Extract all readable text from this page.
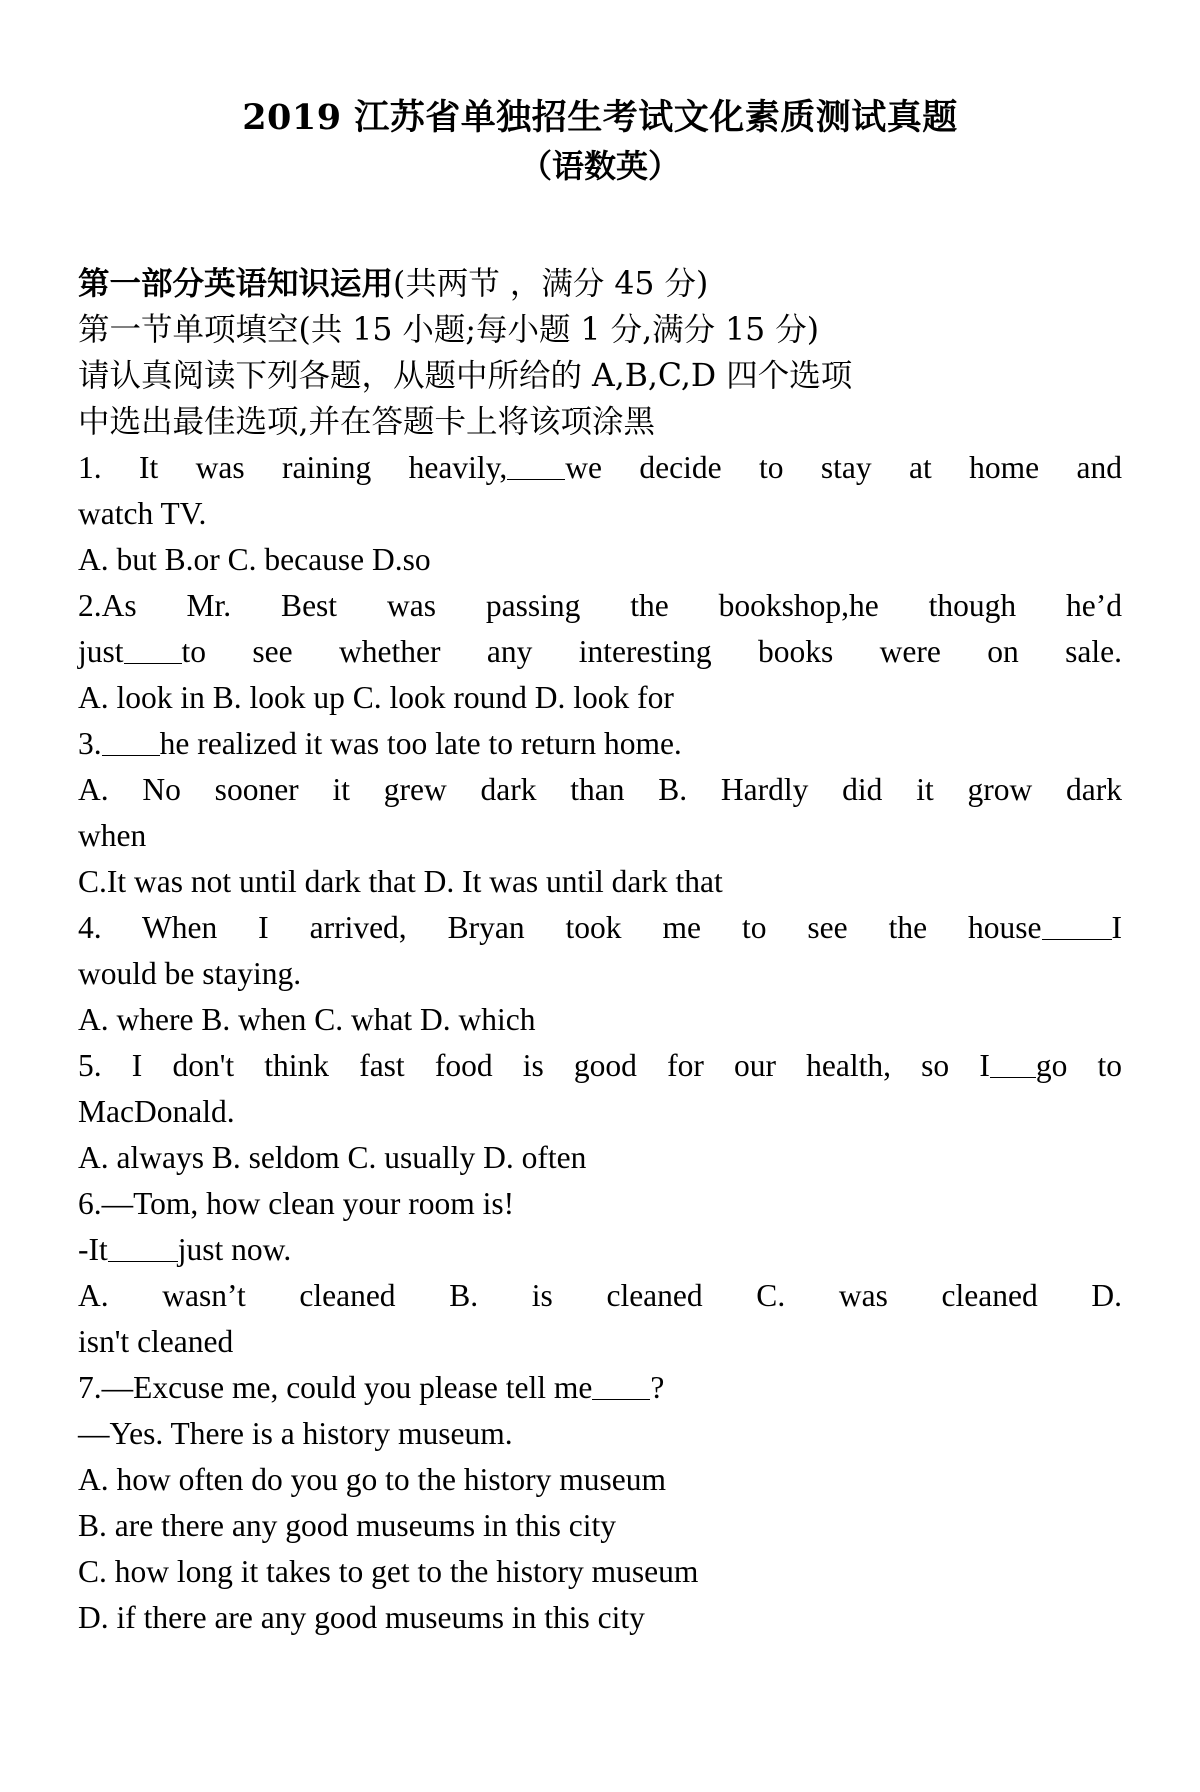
2019 江苏省单独招生考试文化素质测试真题
（语数英）

第一部分英语知识运用(共两节 ，满分 45 分)

第一节单项填空(共 15 小题;每小题 1 分,满分 15 分)

请认真阅读下列各题，从题中所给的 A,B,C,D 四个选项

中选出最佳选项,并在答题卡上将该项涂黑

1. It was raining heavily, we decide to stay at home and

watch TV.

A. but B.or C. because D.so

2.As Mr. Best was passing the bookshop,he though he’d

just to see whether any interesting books were on sale.

A. look in B. look up C. look round D. look for

3. he realized it was too late to return home.

A. No sooner it grew dark than B. Hardly did it grow dark

when

C.It was not until dark that D. It was until dark that

4. When I arrived, Bryan took me to see the house I

would be staying.

A. where B. when C. what D. which

5. I don't think fast food is good for our health, so I go to

MacDonald.

A. always B. seldom C. usually D. often

6.—Tom, how clean your room is!

-It just now.

A. wasn’t cleaned B. is cleaned C. was cleaned D.

isn't cleaned

7.—Excuse me, could you please tell me ?

—Yes. There is a history museum.

A. how often do you go to the history museum

B. are there any good museums in this city

C. how long it takes to get to the history museum

D. if there are any good museums in this city
